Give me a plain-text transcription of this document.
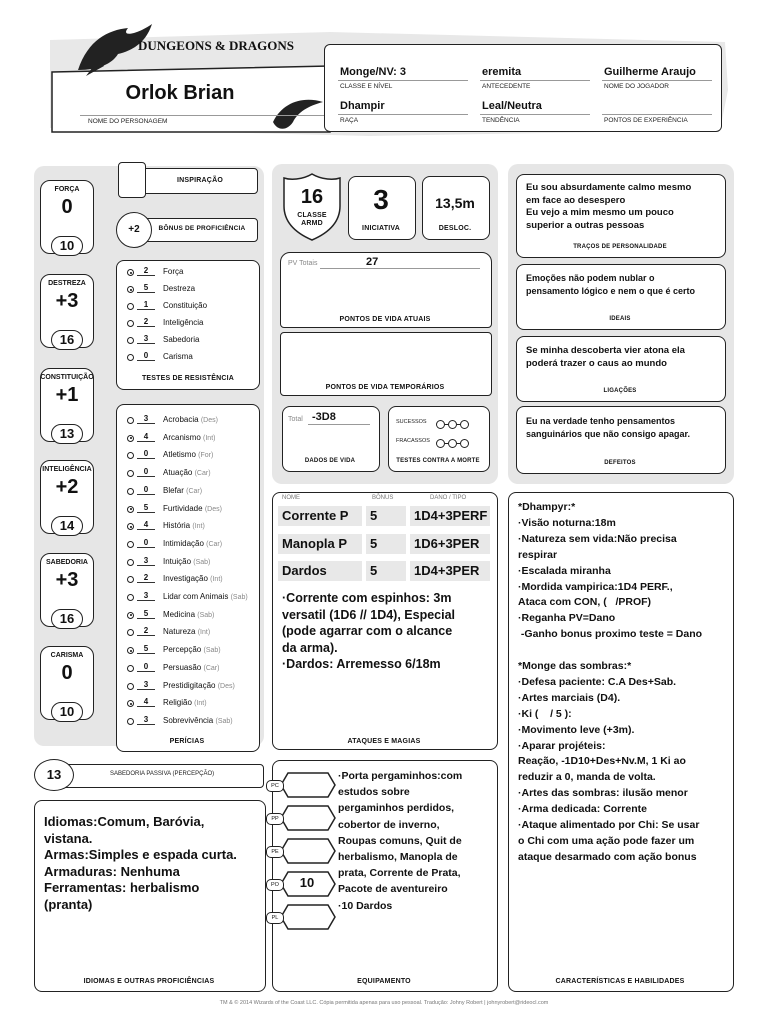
DUNGEONS & DRAGONS
Orlok Brian
NOME DO PERSONAGEM
Monge/NV: 3
CLASSE E NÍVEL
eremita
ANTECEDENTE
Guilherme Araujo
NOME DO JOGADOR
Dhampir
RAÇA
Leal/Neutra
TENDÊNCIA	PONTOS DE EXPERIÊNCIA
FORÇA
0
10
DESTREZA
+3
16
CONSTITUIÇÃO
+1
13
INTELIGÊNCIA
+2
14
SABEDORIA
+3
16
CARISMA
0
10
INSPIRAÇÃO
+2	BÔNUS DE PROFICIÊNCIA
2	Força
5	Destreza
1	Constituição
2	Inteligência
3	Sabedoria
0	Carisma
TESTES DE RESISTÊNCIA
3	Acrobacia (Des)
4	Arcanismo (Int)
0	Atletismo (For)
0	Atuação (Car)
0	Blefar (Car)
5	Furtividade (Des)
4	História (Int)
0	Intimidação (Car)
3	Intuição (Sab)
2	Investigação (Int)
3	Lidar com Animais (Sab)
5	Medicina (Sab)
2	Natureza (Int)
5	Percepção (Sab)
0	Persuasão (Car)
3	Prestidigitação (Des)
4	Religião (Int)
3	Sobrevivência (Sab)
PERÍCIAS
13	SABEDORIA PASSIVA (PERCEPÇÃO)
Idiomas:Comum, Baróvia,
vistana.
Armas:Simples e espada curta.
Armaduras: Nenhuma
Ferramentas: herbalismo
(pranta)
IDIOMAS E OUTRAS PROFICIÊNCIAS
16
CLASSE
ARMD
3
INICIATIVA
13,5m
DESLOC.
PV Totais	27
PONTOS DE VIDA ATUAIS
PONTOS DE VIDA TEMPORÁRIOS
Total -3D8
DADOS DE VIDA
SUCESSOS
FRACASSOS
TESTES CONTRA A MORTE
NOME	BÔNUS	DANO / TIPO
Corrente P	5	1D4+3PERF
Manopla P	5	1D6+3PER
Dardos	5	1D4+3PER
·Corrente com espinhos: 3m
versatil (1D6 // 1D4), Especial
(pode agarrar com o alcance
da arma).
·Dardos: Arremesso 6/18m
ATAQUES E MAGIAS
PC
PP
PE
PO	10
PL
·Porta pergaminhos:com
estudos sobre
pergaminhos perdidos,
cobertor de inverno,
Roupas comuns, Quit de
herbalismo, Manopla de
prata, Corrente de Prata,
Pacote de aventureiro
·10 Dardos
EQUIPAMENTO
Eu sou absurdamente calmo mesmo
em face ao desespero
Eu vejo a mim mesmo um pouco
superior a outras pessoas
TRAÇOS DE PERSONALIDADE
Emoções não podem nublar o
pensamento lógico e nem o que é certo
IDEAIS
Se minha descoberta vier atona ela
poderá trazer o caus ao mundo
LIGAÇÕES
Eu na verdade tenho pensamentos
sanguinários que não consigo apagar.
DEFEITOS
*Dhampyr:*
·Visão noturna:18m
·Natureza sem vida:Não precisa
respirar
·Escalada miranha
·Mordida vampirica:1D4 PERF.,
Ataca com CON, (   /PROF)
·Reganha PV=Dano
-Ganho bonus proximo teste = Dano
*Monge das sombras:*
·Defesa paciente: C.A Des+Sab.
·Artes marciais (D4).
·Ki (    / 5 ):
·Movimento leve (+3m).
·Aparar projéteis:
Reação, -1D10+Des+Nv.M, 1 Ki ao
reduzir a 0, manda de volta.
·Artes das sombras: ilusão menor
·Arma dedicada: Corrente
·Ataque alimentado por Chi: Se usar
o Chi com uma ação pode fazer um
ataque desarmado com ação bonus
CARACTERÍSTICAS E HABILIDADES
TM & © 2014 Wizards of the Coast LLC. Cópia permitida apenas para uso pessoal. Tradução: Johny Robert | johnyrobert@rideocl.com
